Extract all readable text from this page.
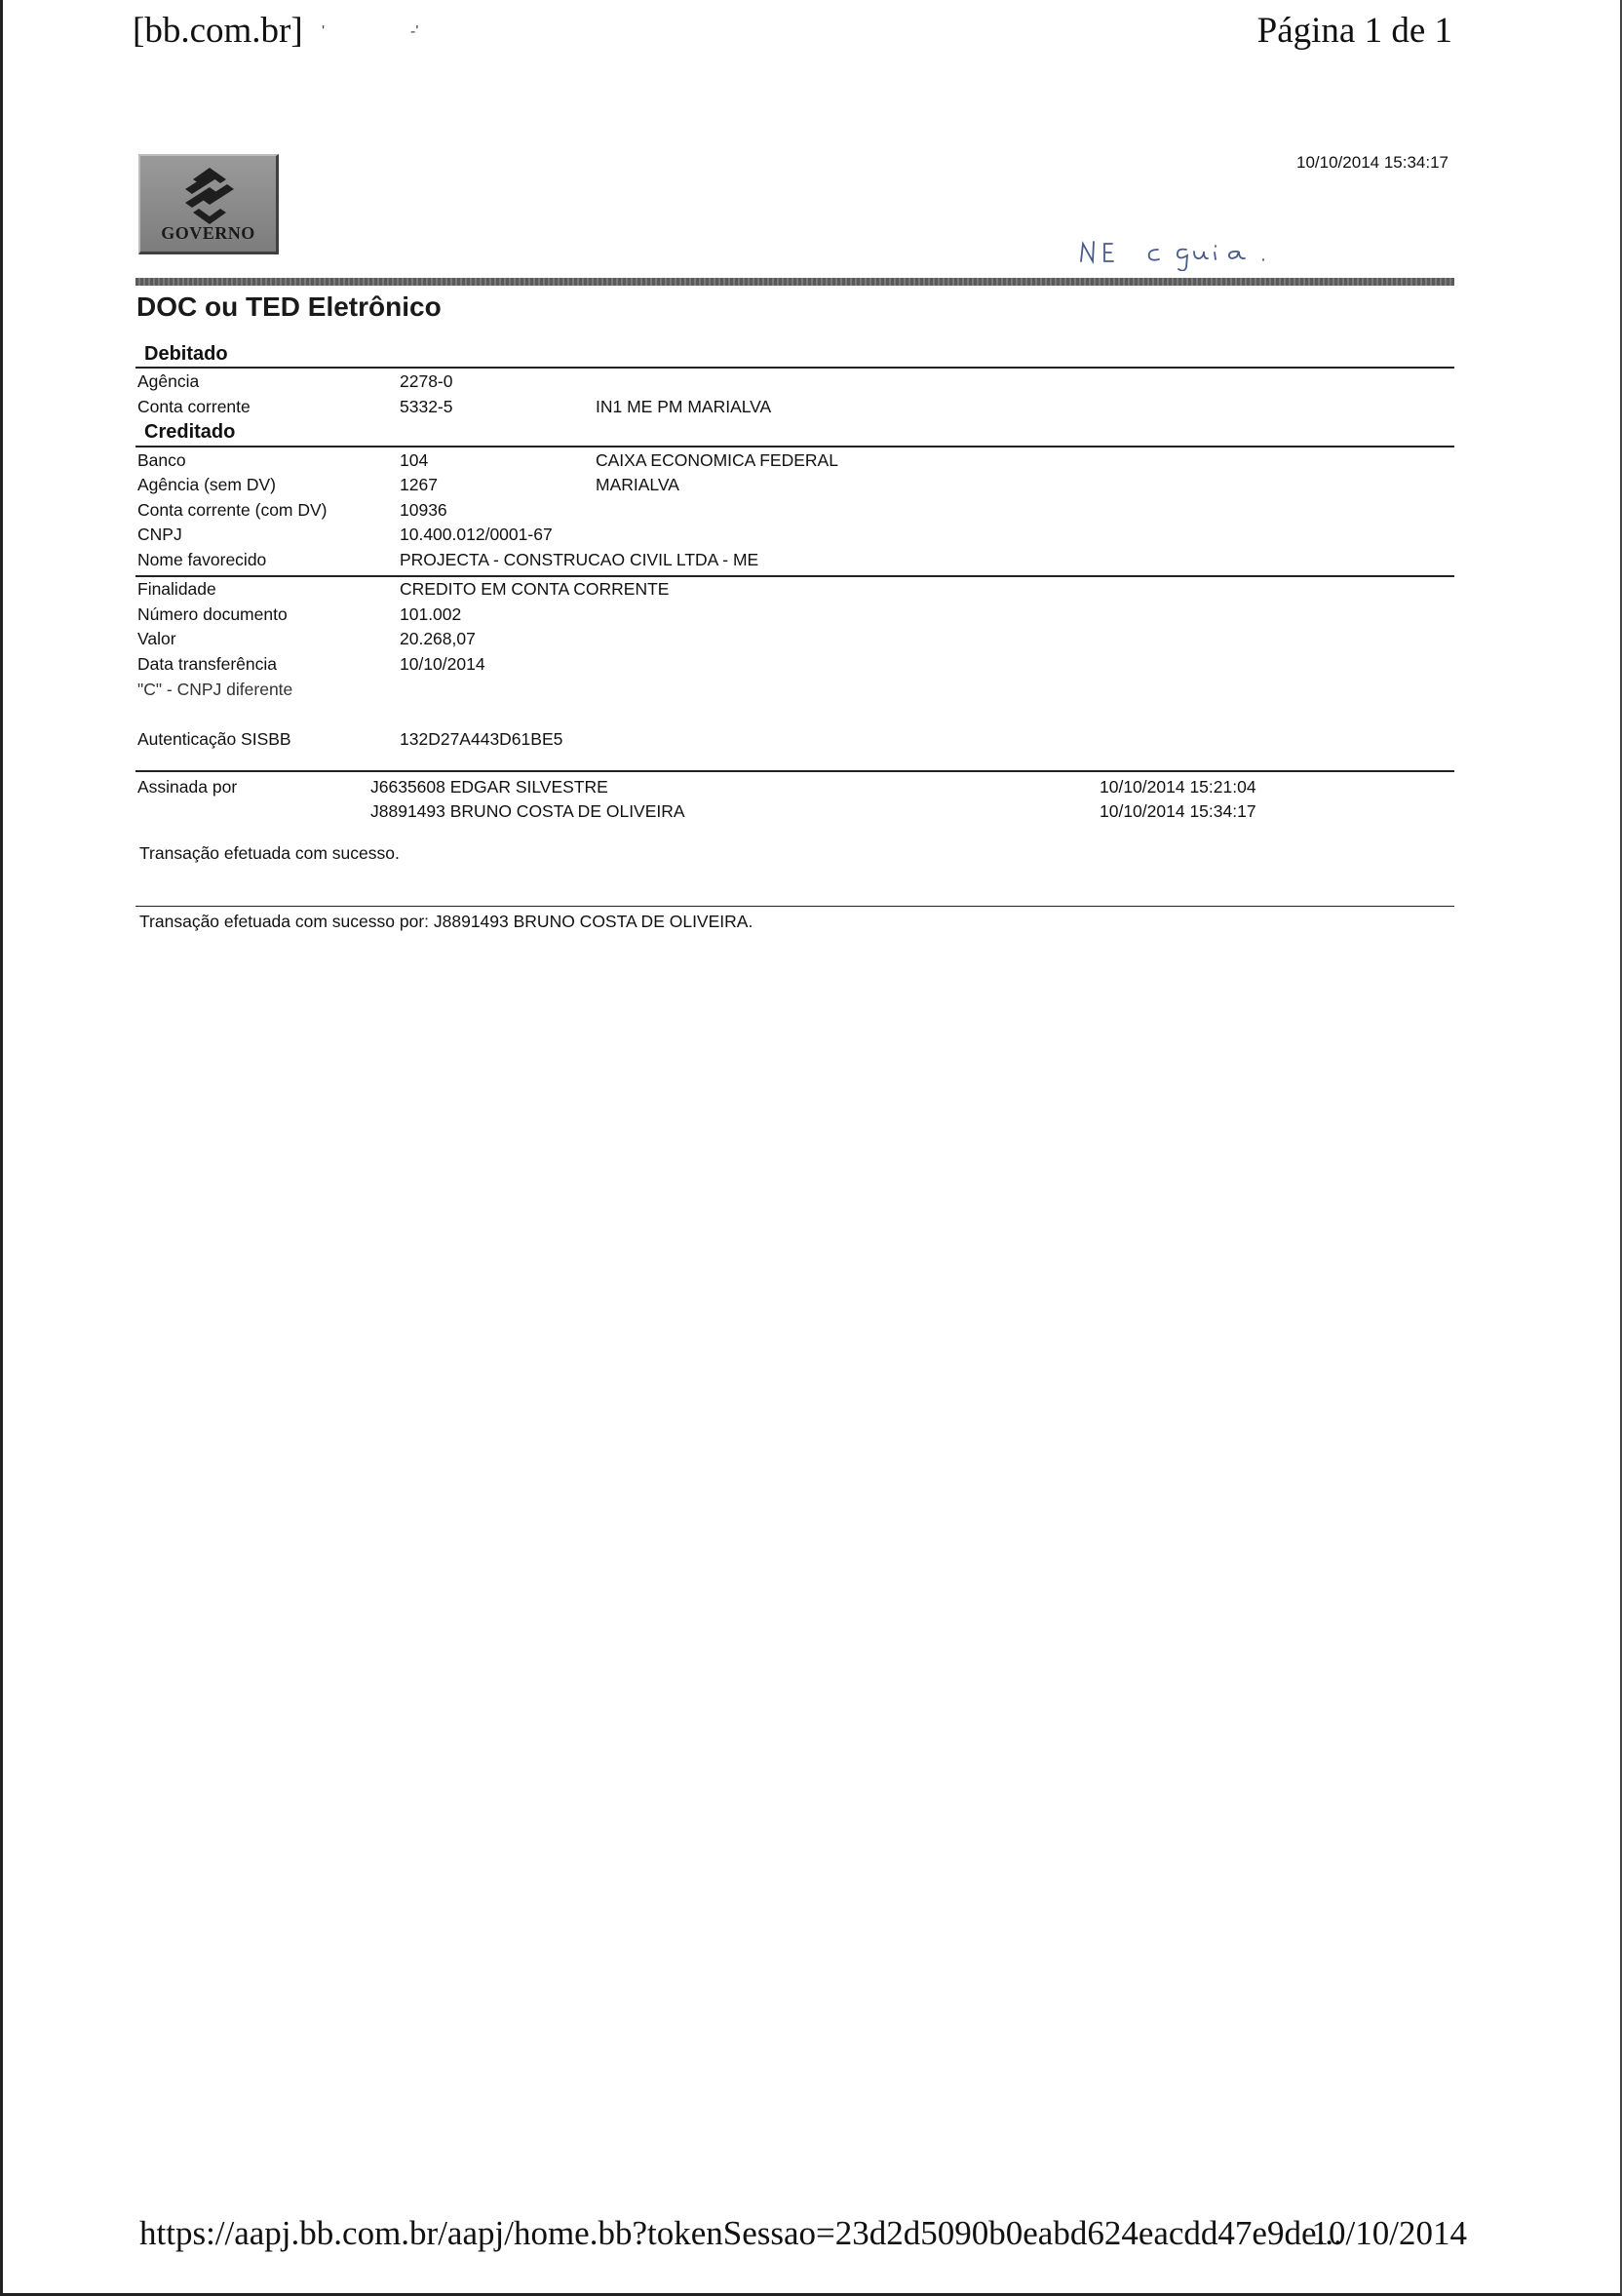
[bb.com.br] '	-'	Página 1 de 1
GOVERNO
10/10/2014 15:34:17
DOC ou TED Eletrônico
Debitado
Agência	2278-0
Conta corrente	5332-5	IN1 ME PM MARIALVA
Creditado
Banco	104	CAIXA ECONOMICA FEDERAL
Agência (sem DV)	1267	MARIALVA
Conta corrente (com DV)	10936
CNPJ	10.400.012/0001-67
Nome favorecido	PROJECTA - CONSTRUCAO CIVIL LTDA - ME
Finalidade	CREDITO EM CONTA CORRENTE
Número documento	101.002
Valor	20.268,07
Data transferência	10/10/2014
"C" - CNPJ diferente
Autenticação SISBB	132D27A443D61BE5
Assinada por	J6635608 EDGAR SILVESTRE	10/10/2014 15:21:04
J8891493 BRUNO COSTA DE OLIVEIRA	10/10/2014 15:34:17
Transação efetuada com sucesso.
Transação efetuada com sucesso por: J8891493 BRUNO COSTA DE OLIVEIRA.
https://aapj.bb.com.br/aapj/home.bb?tokenSessao=23d2d5090b0eabd624eacdd47e9de...
10/10/2014
